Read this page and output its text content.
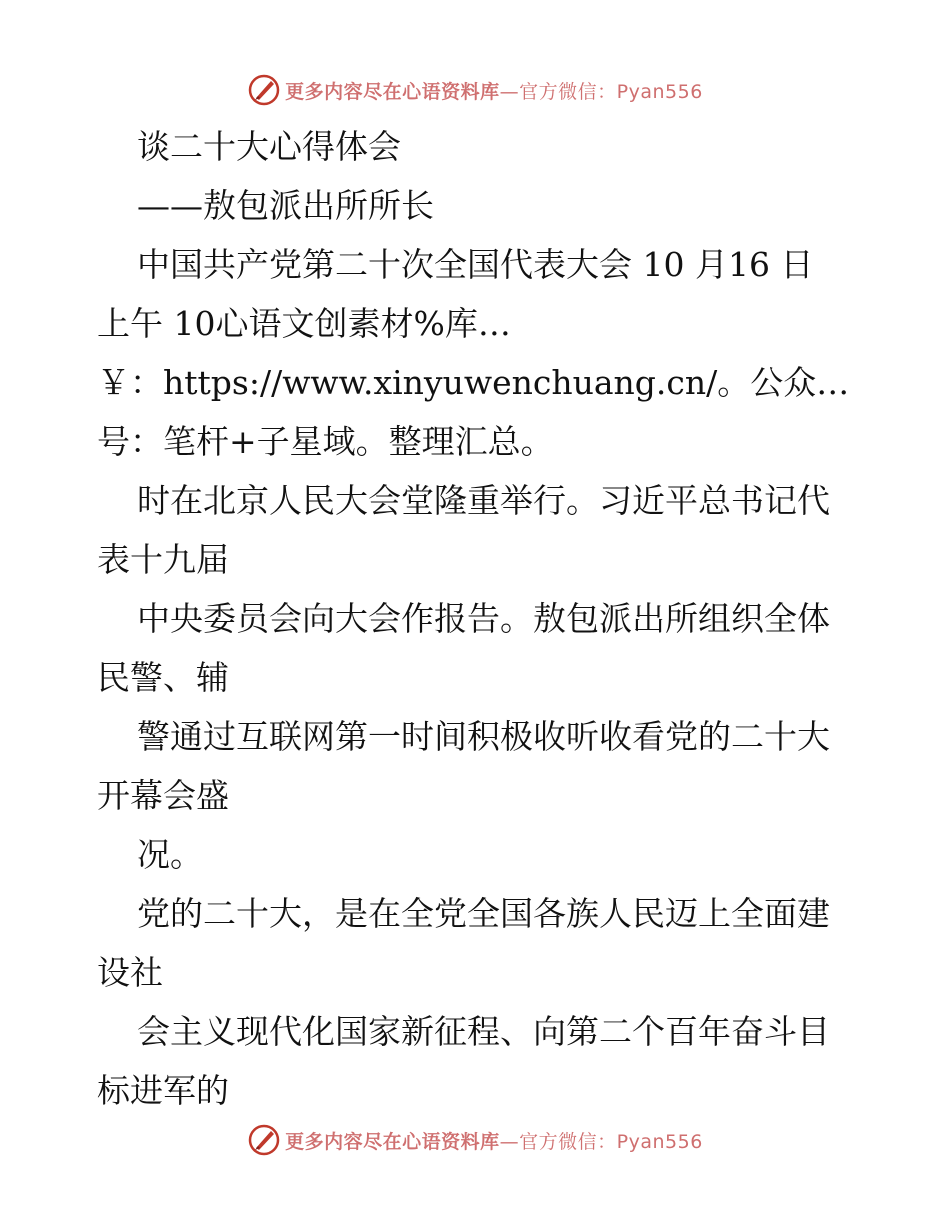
更多内容尽在心语资料库—官方微信：Pyan556
谈二十大心得体会
——敖包派出所所长
中国共产党第二十次全国代表大会 10 月16 日
上午 10心语文创素材%库…
￥：https://www.xinyuwenchuang.cn/。公众…
号：笔杆+子星域。整理汇总。
时在北京人民大会堂隆重举行。习近平总书记代
表十九届
中央委员会向大会作报告。敖包派出所组织全体
民警、辅
警通过互联网第一时间积极收听收看党的二十大
开幕会盛
况。
党的二十大，是在全党全国各族人民迈上全面建
设社
会主义现代化国家新征程、向第二个百年奋斗目
标进军的
更多内容尽在心语资料库—官方微信：Pyan556
